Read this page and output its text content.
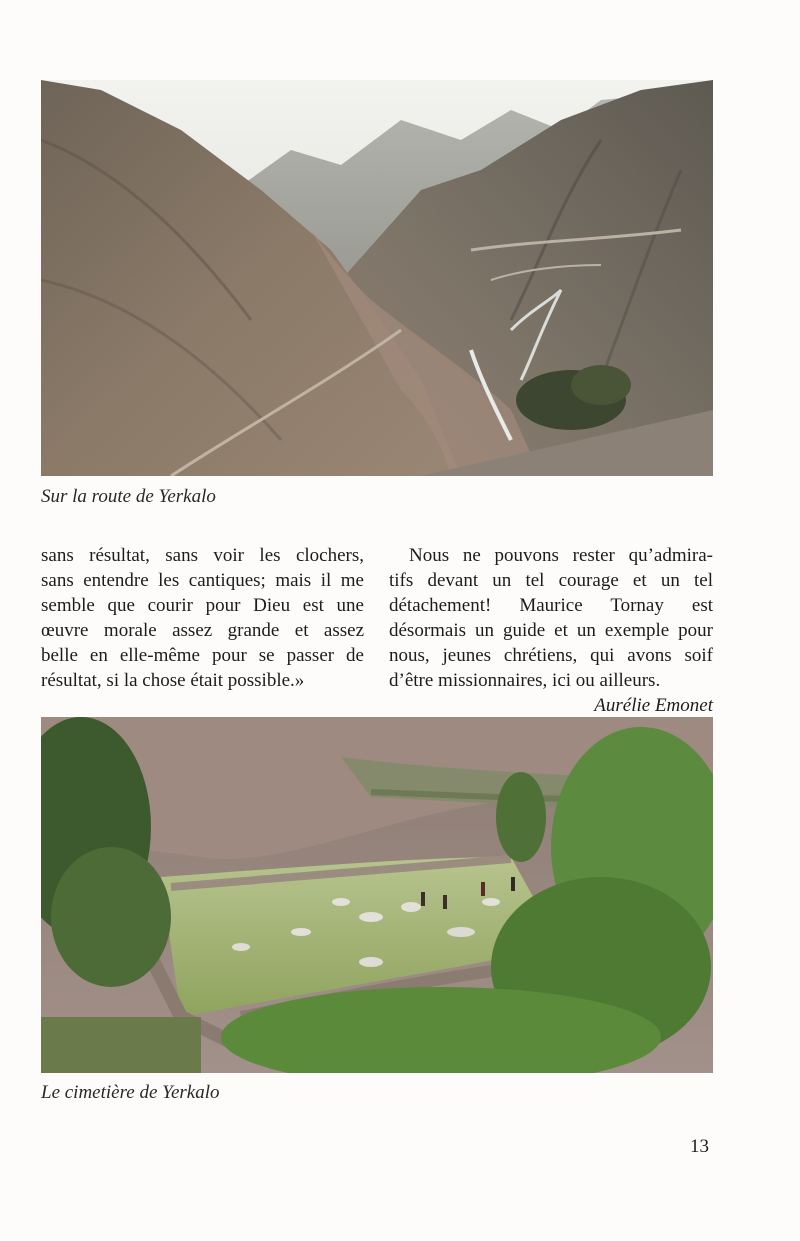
Sur la route de Yerkalo
sans résultat, sans voir les clochers,
sans entendre les cantiques; mais il me
semble que courir pour Dieu est une
œuvre morale assez grande et assez
belle en elle-même pour se passer de
résultat, si la chose était possible.»
Nous ne pouvons rester qu’admira-
tifs devant un tel courage et un tel
détachement! Maurice Tornay est
désormais un guide et un exemple pour
nous, jeunes chrétiens, qui avons soif
d’être missionnaires, ici ou ailleurs.
Aurélie Emonet
Le cimetière de Yerkalo
13
